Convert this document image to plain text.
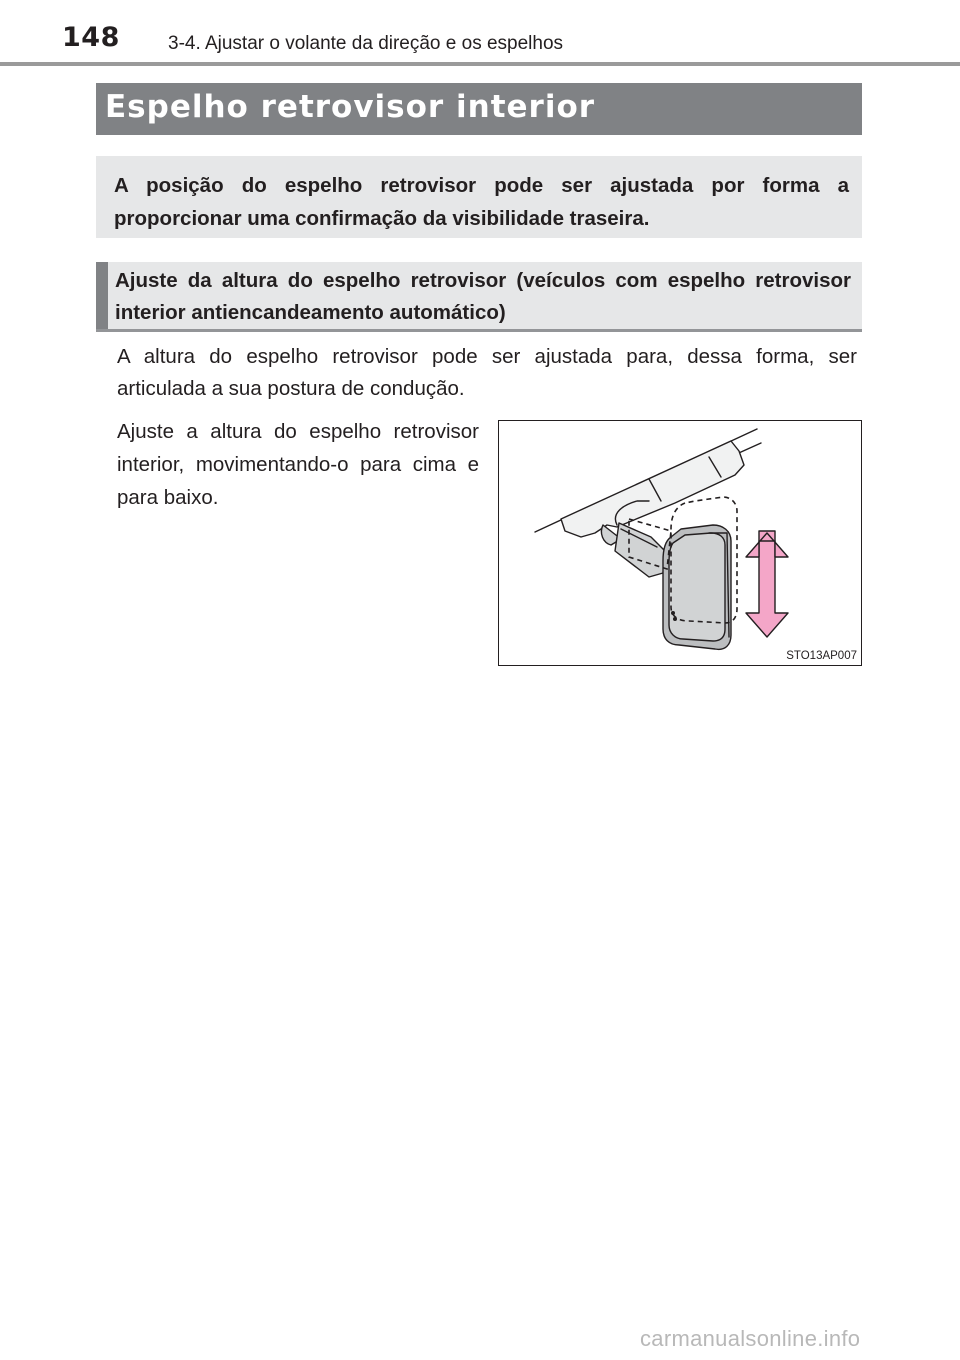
148	3-4. Ajustar o volante da direção e os espelhos
Espelho retrovisor interior
A posição do espelho retrovisor pode ser ajustada por forma a proporcionar uma confirmação da visibilidade traseira.
Ajuste da altura do espelho retrovisor (veículos com espelho retrovisor interior antiencandeamento automático)
A altura do espelho retrovisor pode ser ajustada para, dessa forma, ser articulada a sua postura de condução.
Ajuste a altura do espelho retrovisor interior, movimentando-o para cima e para baixo.
STO13AP007
carmanualsonline.info
